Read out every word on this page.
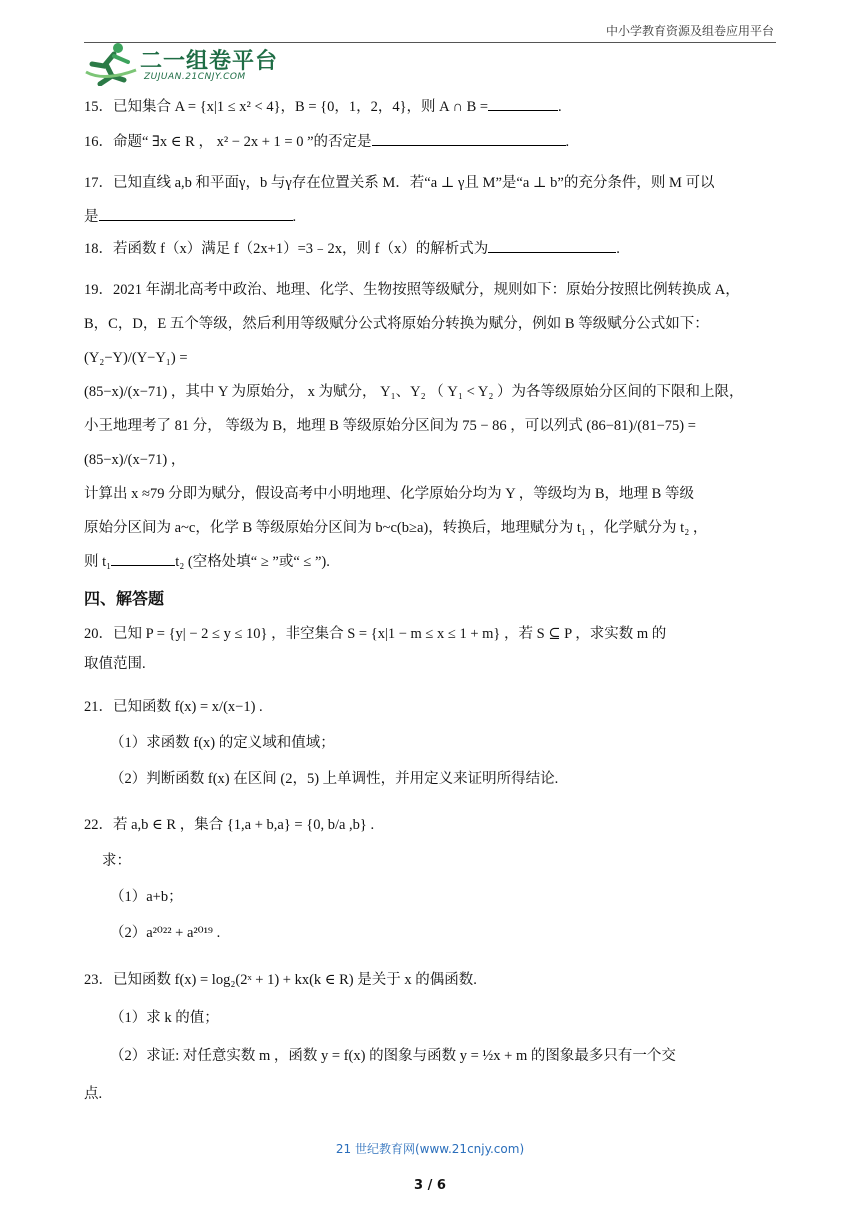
中小学教育资源及组卷应用平台
二一组卷平台
ZUJUAN.21CNJY.COM

15．已知集合 A = {x|1 ≤ x² < 4}，B = {0，1，2，4}，则 A ∩ B =	.

16．命题“ ∃x ∈ R ， x² − 2x + 1 = 0 ”的否定是	.

17．已知直线 a,b 和平面γ，b 与γ存在位置关系 M．若“a ⊥ γ且 M”是“a ⊥ b”的充分条件，则 M 可以
是	.

18．若函数 f（x）满足 f（2x+1）=3﹣2x，则 f（x）的解析式为	.

19．2021 年湖北高考中政治、地理、化学、生物按照等级赋分，规则如下：原始分按照比例转换成 A，
B，C，D，E 五个等级，然后利用等级赋分公式将原始分转换为赋分，例如 B 等级赋分公式如下：(Y₂−Y)/(Y−Y₁) =
(85−x)/(x−71) ，其中 Y 为原始分， x 为赋分， Y₁、Y₂ （ Y₁ < Y₂ ）为各等级原始分区间的下限和上限，
小王地理考了 81 分， 等级为 B，地理 B 等级原始分区间为 75 − 86 ，可以列式 (86−81)/(81−75) = (85−x)/(x−71) ，
计算出 x ≈79 分即为赋分，假设高考中小明地理、化学原始分均为 Y ，等级均为 B，地理 B 等级
原始分区间为 a~c，化学 B 等级原始分区间为 b~c(b≥a)，转换后，地理赋分为 t₁ ，化学赋分为 t₂ ，
则 t₁	t₂ (空格处填“ ≥ ”或“ ≤ ”).
四、解答题
20．已知 P = {y| − 2 ≤ y ≤ 10} ，非空集合 S = {x|1 − m ≤ x ≤ 1 + m} ，若 S ⊆ P ，求实数 m 的
取值范围.
21．已知函数 f(x) = x/(x−1) .
（1）求函数 f(x) 的定义域和值域；
（2）判断函数 f(x) 在区间 (2，5) 上单调性，并用定义来证明所得结论.
22．若 a,b ∈ R ，集合 {1,a + b,a} = {0, b/a ,b} .
求：
（1）a+b；
（2）a²⁰²² + a²⁰¹⁹ .
23．已知函数 f(x) = log₂(2ˣ + 1) + kx(k ∈ R) 是关于 x 的偶函数.
（1）求 k 的值；
（2）求证: 对任意实数 m ，函数 y = f(x) 的图象与函数 y = ½x + m 的图象最多只有一个交
点.
21 世纪教育网(www.21cnjy.com)
3 / 6
